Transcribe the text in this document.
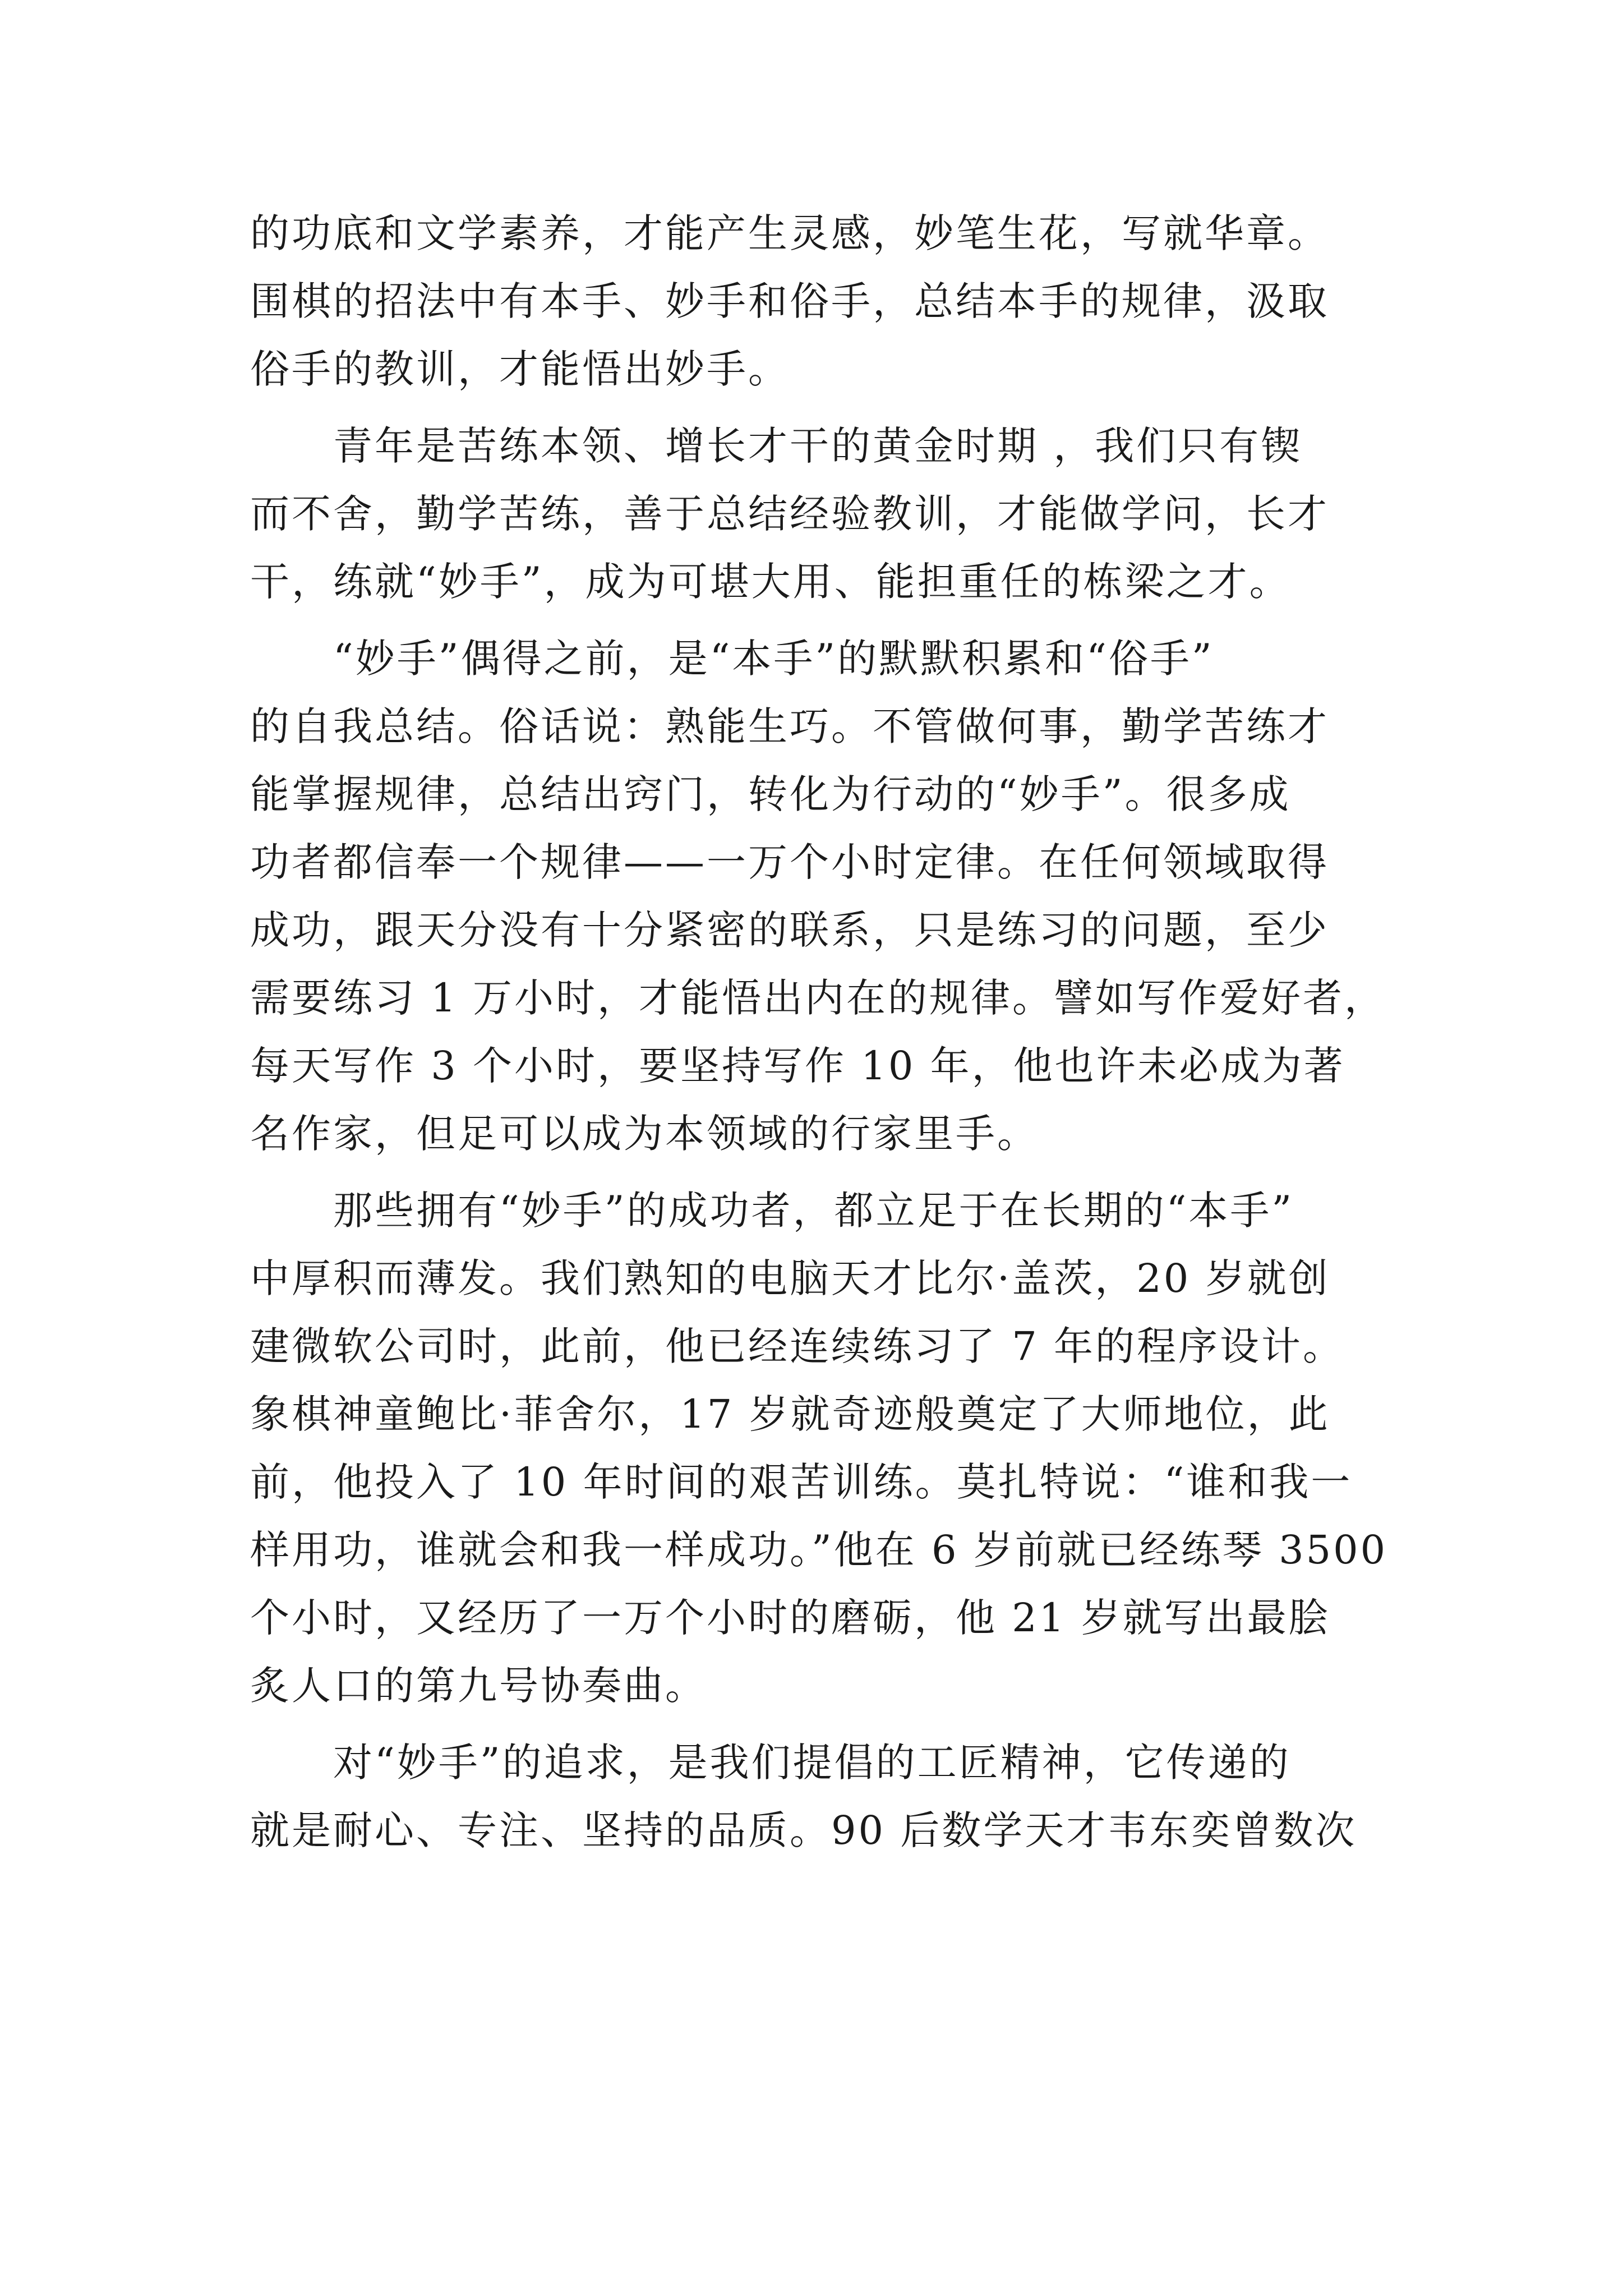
的功底和文学素养，才能产生灵感，妙笔生花，写就华章。
围棋的招法中有本手、妙手和俗手，总结本手的规律，汲取
俗手的教训，才能悟出妙手。
青年是苦练本领、增长才干的黄金时期 ，我们只有锲
而不舍，勤学苦练，善于总结经验教训，才能做学问，长才
干，练就“妙手”，成为可堪大用、能担重任的栋梁之才。
“妙手”偶得之前，是“本手”的默默积累和“俗手”
的自我总结。俗话说：熟能生巧。不管做何事，勤学苦练才
能掌握规律，总结出窍门，转化为行动的“妙手”。很多成
功者都信奉一个规律——一万个小时定律。在任何领域取得
成功，跟天分没有十分紧密的联系，只是练习的问题，至少
需要练习 1 万小时，才能悟出内在的规律。譬如写作爱好者，
每天写作 3 个小时，要坚持写作 10 年，他也许未必成为著
名作家，但足可以成为本领域的行家里手。
那些拥有“妙手”的成功者，都立足于在长期的“本手”
中厚积而薄发。我们熟知的电脑天才比尔·盖茨，20 岁就创
建微软公司时，此前，他已经连续练习了 7 年的程序设计。
象棋神童鲍比·菲舍尔，17 岁就奇迹般奠定了大师地位，此
前，他投入了 10 年时间的艰苦训练。莫扎特说：“谁和我一
样用功，谁就会和我一样成功。”他在 6 岁前就已经练琴 3500
个小时，又经历了一万个小时的磨砺，他 21 岁就写出最脍
炙人口的第九号协奏曲。
对“妙手”的追求，是我们提倡的工匠精神，它传递的
就是耐心、专注、坚持的品质。90 后数学天才韦东奕曾数次
